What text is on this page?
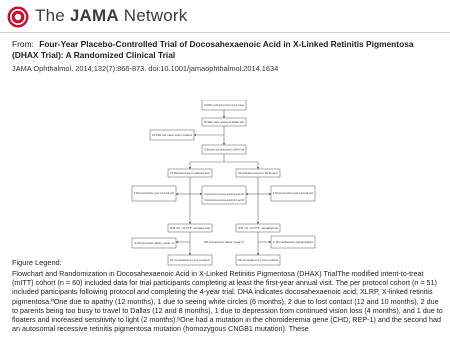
The JAMA Network
From: Four-Year Placebo-Controlled Trial of Docosahexaenoic Acid in X-Linked Retinitis Pigmentosa (DHAX Trial): A Randomized Clinical Trial
JAMA Ophthalmol. 2014;132(7):866-873. doi:10.1001/jamaophthalmol.2014.1634
128 With medical and vision record review
90 With vision testing at Dallas site
12 Did not meet entry criteria
78 Enrolled and randomized to DHAX trial
37 Randomized to placebo arm	41 Randomized to DHA arm
6 Dropouts before year 1 annual visit	2 Completed trial but removed because genetically did not have XLRP
3 Completed trial but removed because genetically did not have XLRP
5 Dropouts before year 1 annual visit
29 In mITT analysis	33 In mITT analysis
1 Dropouts after year 1	2 Nonadherent participants
29 Dropouts after year 1
22 Completed 4-y per protocol	29 Completed 4-y per protocol
Figure Legend:
Flowchart and Randomization in Docosahexaenoic Acid in X-Linked Retinitis Pigmentosa (DHAX) TrialThe modified intent-to-treat (mITT) cohort (n = 60) included data for trial participants completing at least the first-year annual visit. The per protocol cohort (n = 51) included participants following protocol and completing the 4-year trial. DHA indicates docosahexaenoic acid; XLRP, X-linked retinitis pigmentosa.ªOne due to apathy (12 months), 1 due to seeing white circles (6 months), 2 due to lost contact (12 and 10 months), 2 due to parents being too busy to travel to Dallas (12 and 8 months), 1 due to depression from continued vision loss (4 months), and 1 due to floaters and increased sensitivity to light (2 months).ᵇOne had a mutation in the choroideremia gene (CHD; REP-1) and the second had an autosomal recessive retinitis pigmentosa mutation (homozygous CNGB1 mutation). These
